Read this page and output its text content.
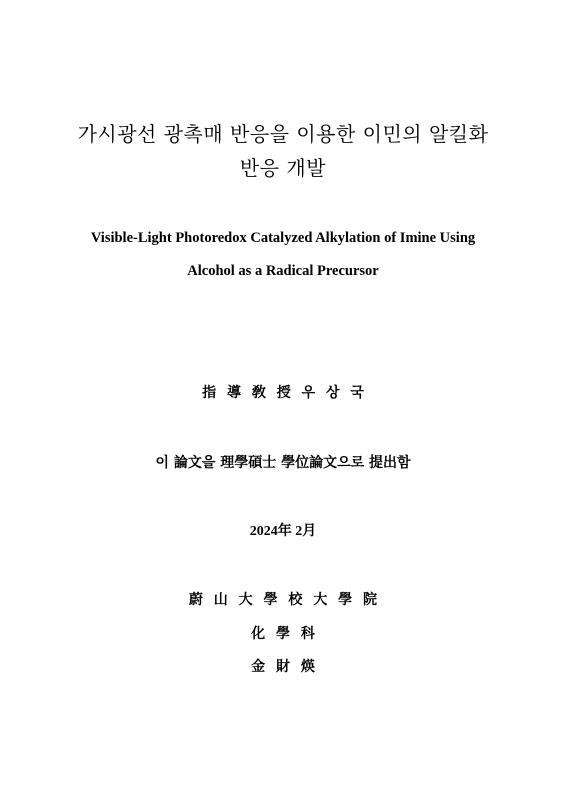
가시광선 광촉매 반응을 이용한 이민의 알킬화
반응 개발
Visible-Light Photoredox Catalyzed Alkylation of Imine Using
Alcohol as a Radical Precursor

指 導 敎 授 우 상 국

이 論文을 理學碩士 學位論文으로 提出함

2024年 2月

蔚 山 大 學 校 大 學 院

化 學 科

金 財 煐
